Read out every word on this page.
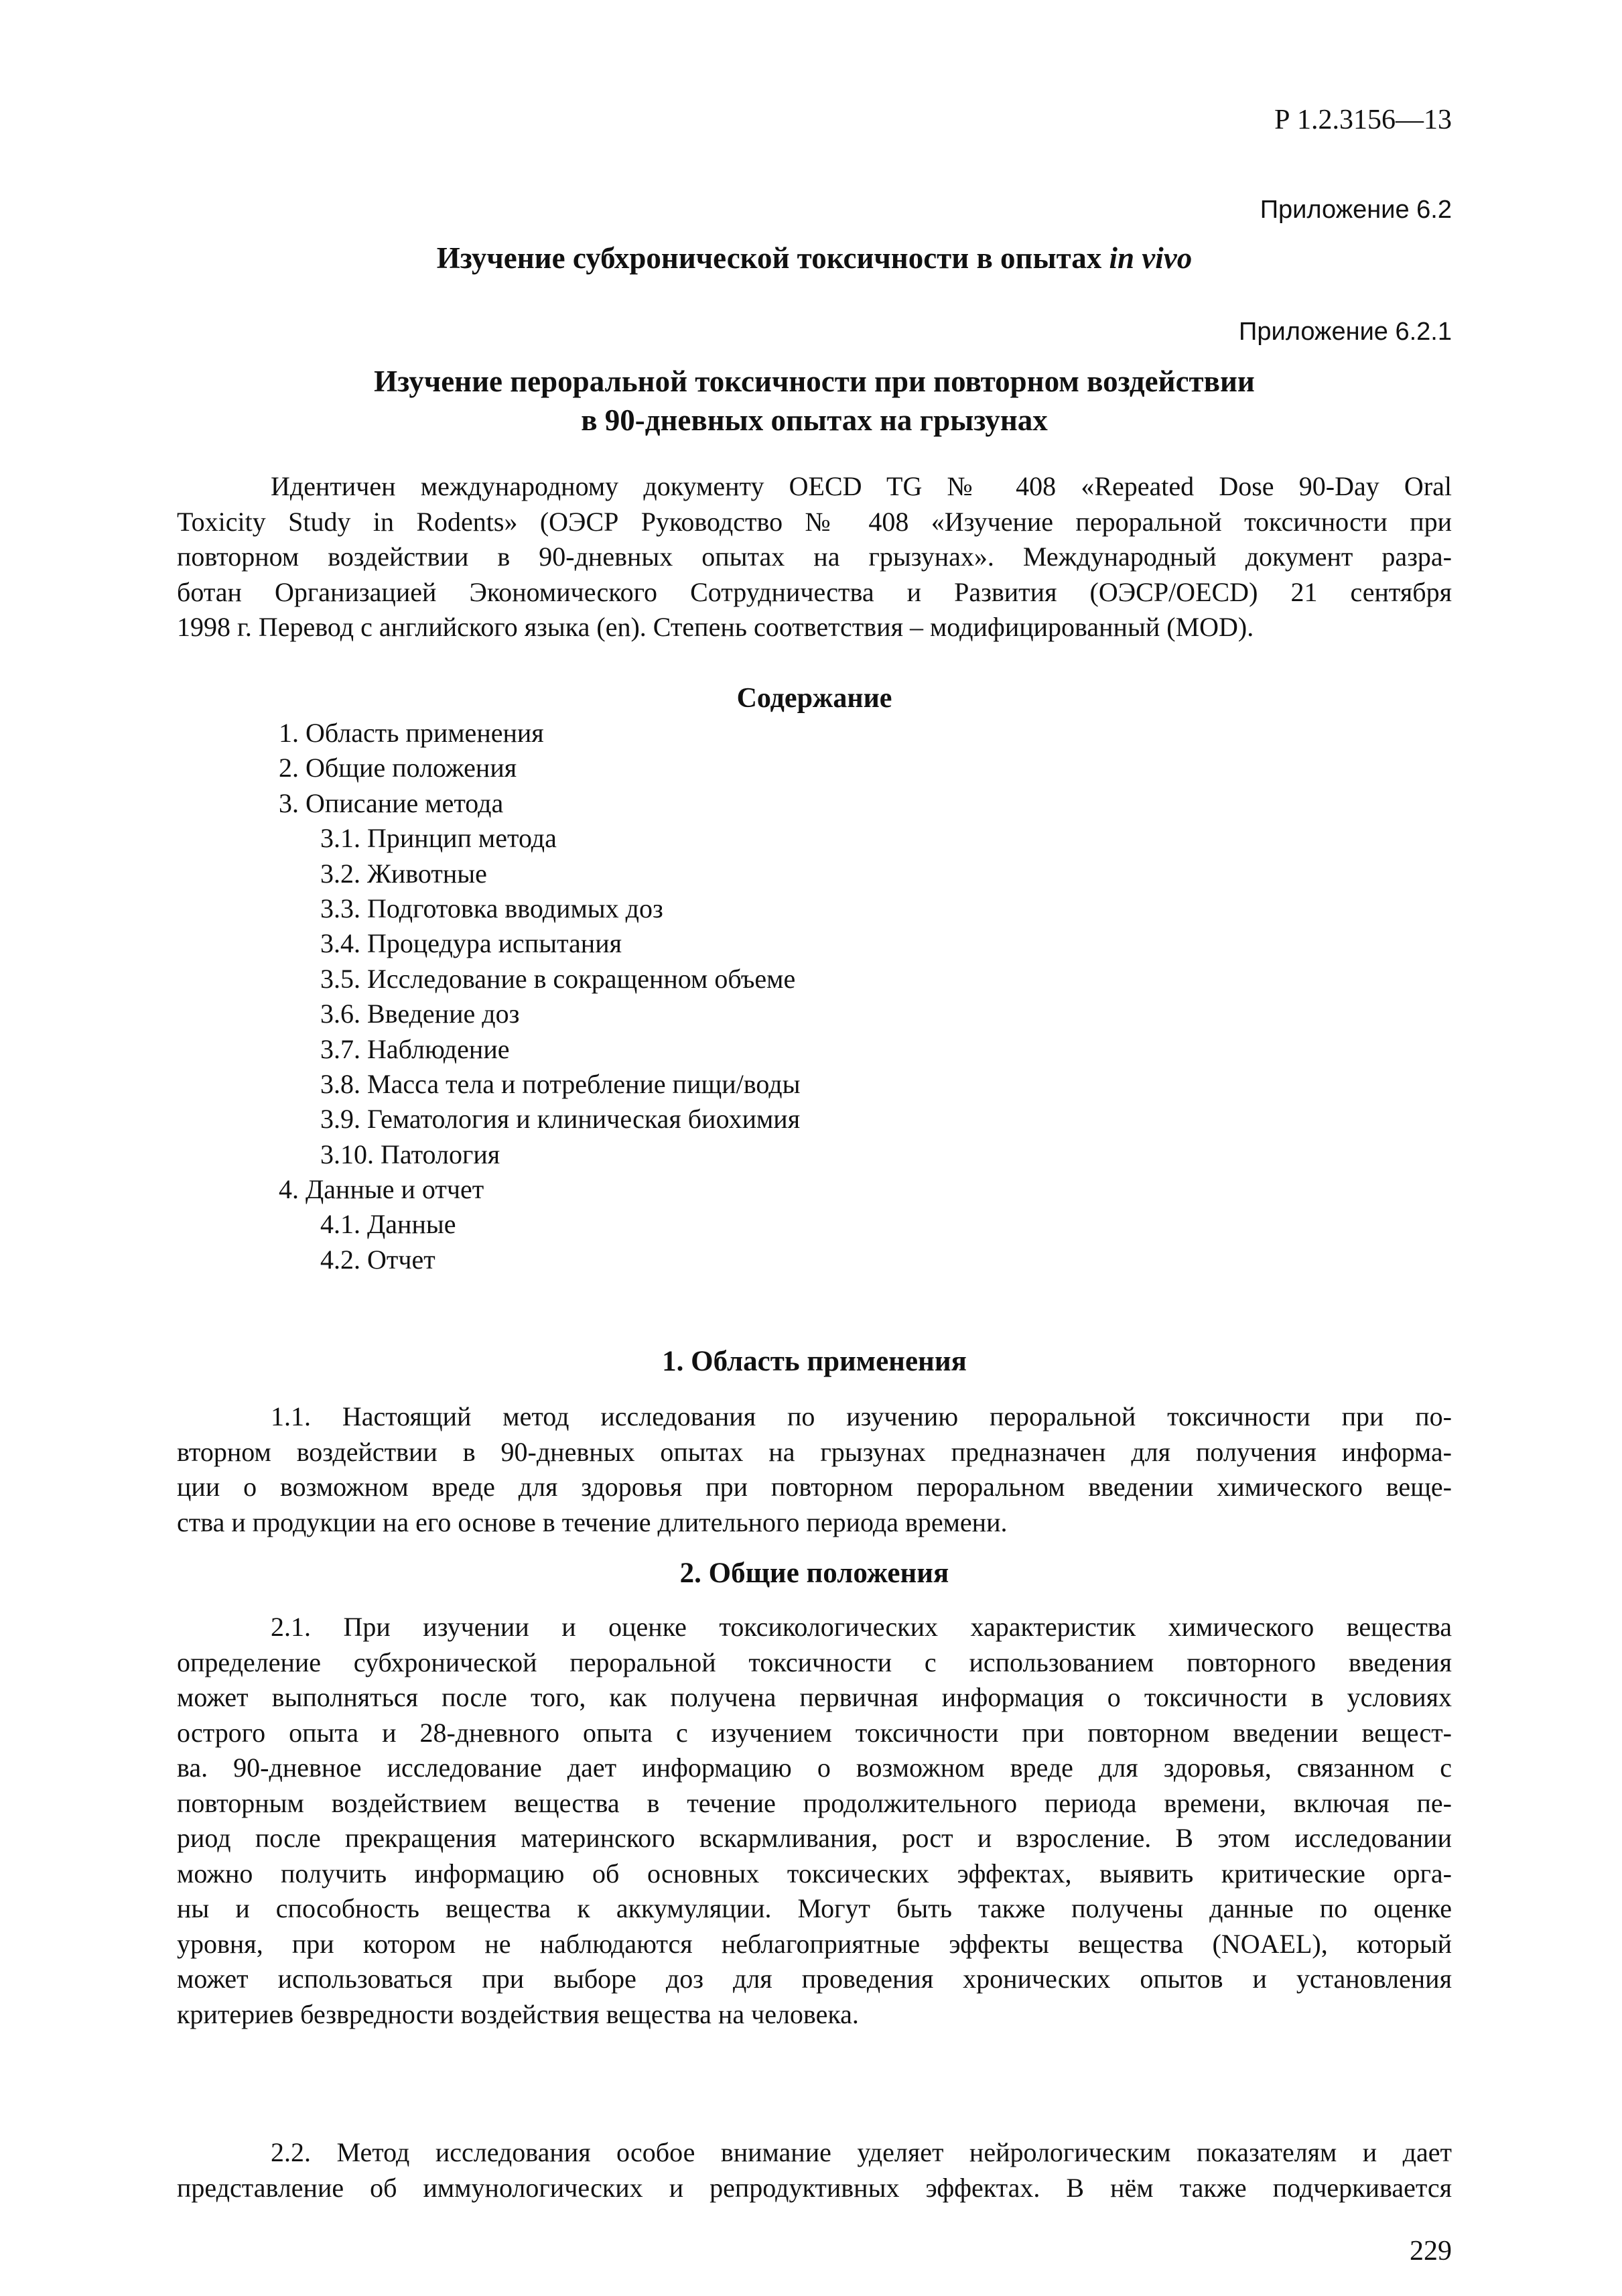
Р 1.2.3156—13
Приложение 6.2
Изучение субхронической токсичности в опытах in vivo
Приложение 6.2.1
Изучение пероральной токсичности при повторном воздействии
в 90-дневных опытах на грызунах
Идентичен международному документу OECD TG № 408 «Repeated Dose 90-Day Oral
Toxicity Study in Rodents» (ОЭСР Руководство № 408 «Изучение пероральной токсичности при
повторном воздействии в 90-дневных опытах на грызунах». Международный документ разра-
ботан Организацией Экономического Сотрудничества и Развития (ОЭСР/OECD) 21 сентября
1998 г. Перевод с английского языка (en). Степень соответствия – модифицированный (MOD).
Содержание
1. Область применения
2. Общие положения
3. Описание метода
3.1. Принцип метода
3.2. Животные
3.3. Подготовка вводимых доз
3.4. Процедура испытания
3.5. Исследование в сокращенном объеме
3.6. Введение доз
3.7. Наблюдение
3.8. Масса тела и потребление пищи/воды
3.9. Гематология и клиническая биохимия
3.10. Патология
4. Данные и отчет
4.1. Данные
4.2. Отчет
1. Область применения
1.1. Настоящий метод исследования по изучению пероральной токсичности при по-
вторном воздействии в 90-дневных опытах на грызунах предназначен для получения информа-
ции о возможном вреде для здоровья при повторном пероральном введении химического веще-
ства и продукции на его основе в течение длительного периода времени.
2. Общие положения
2.1. При изучении и оценке токсикологических характеристик химического вещества
определение субхронической пероральной токсичности с использованием повторного введения
может выполняться после того, как получена первичная информация о токсичности в условиях
острого опыта и 28-дневного опыта с изучением токсичности при повторном введении вещест-
ва. 90-дневное исследование дает информацию о возможном вреде для здоровья, связанном с
повторным воздействием вещества в течение продолжительного периода времени, включая пе-
риод после прекращения материнского вскармливания, рост и взросление. В этом исследовании
можно получить информацию об основных токсических эффектах, выявить критические орга-
ны и способность вещества к аккумуляции. Могут быть также получены данные по оценке
уровня, при котором не наблюдаются неблагоприятные эффекты вещества (NOAEL), который
может использоваться при выборе доз для проведения хронических опытов и установления
критериев безвредности воздействия вещества на человека.
2.2. Метод исследования особое внимание уделяет нейрологическим показателям и дает
представление об иммунологических и репродуктивных эффектах. В нём также подчеркивается
229
